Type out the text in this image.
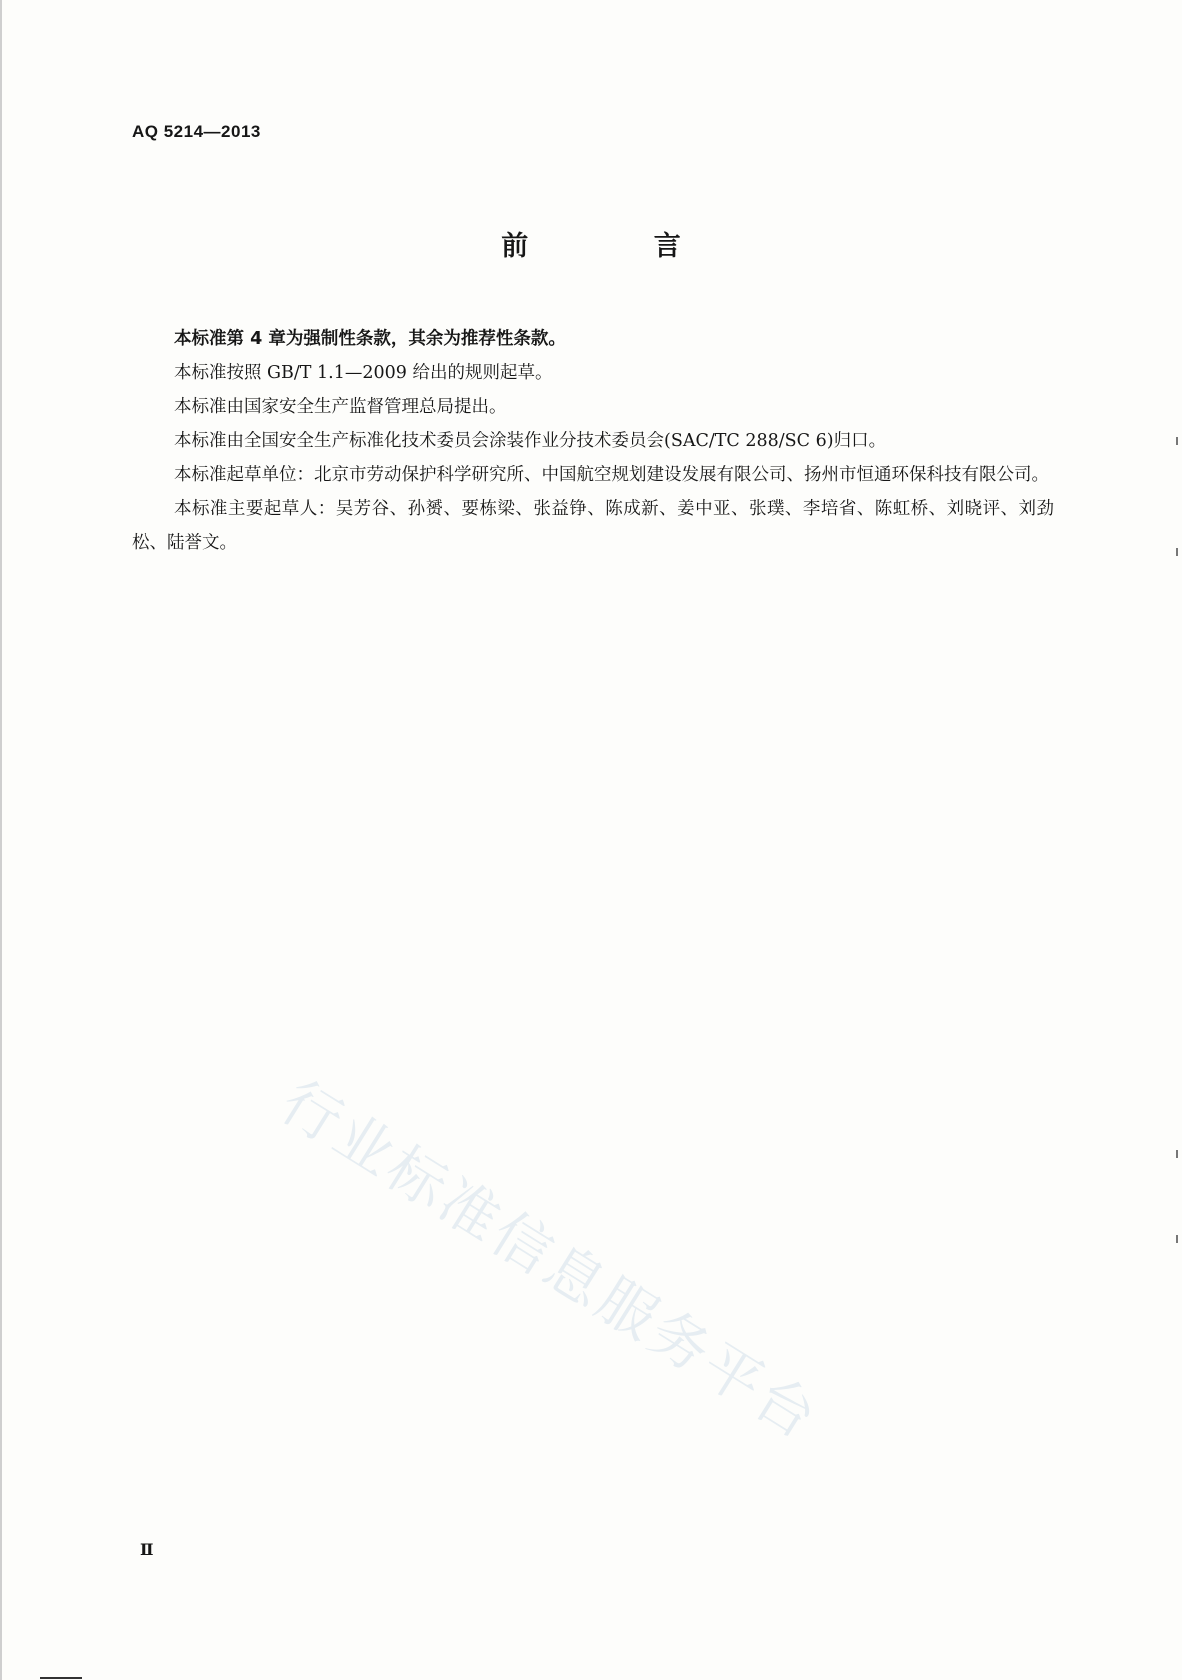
AQ 5214—2013
前 言

本标准第 4 章为强制性条款，其余为推荐性条款。

本标准按照 GB/T 1.1—2009 给出的规则起草。

本标准由国家安全生产监督管理总局提出。

本标准由全国安全生产标准化技术委员会涂装作业分技术委员会(SAC/TC 288/SC 6)归口。

本标准起草单位：北京市劳动保护科学研究所、中国航空规划建设发展有限公司、扬州市恒通环保科技有限公司。

本标准主要起草人：吴芳谷、孙赟、要栋梁、张益铮、陈成新、姜中亚、张璞、李培省、陈虹桥、刘晓评、刘劲松、陆誉文。

行业标准信息服务平台
Ⅱ
